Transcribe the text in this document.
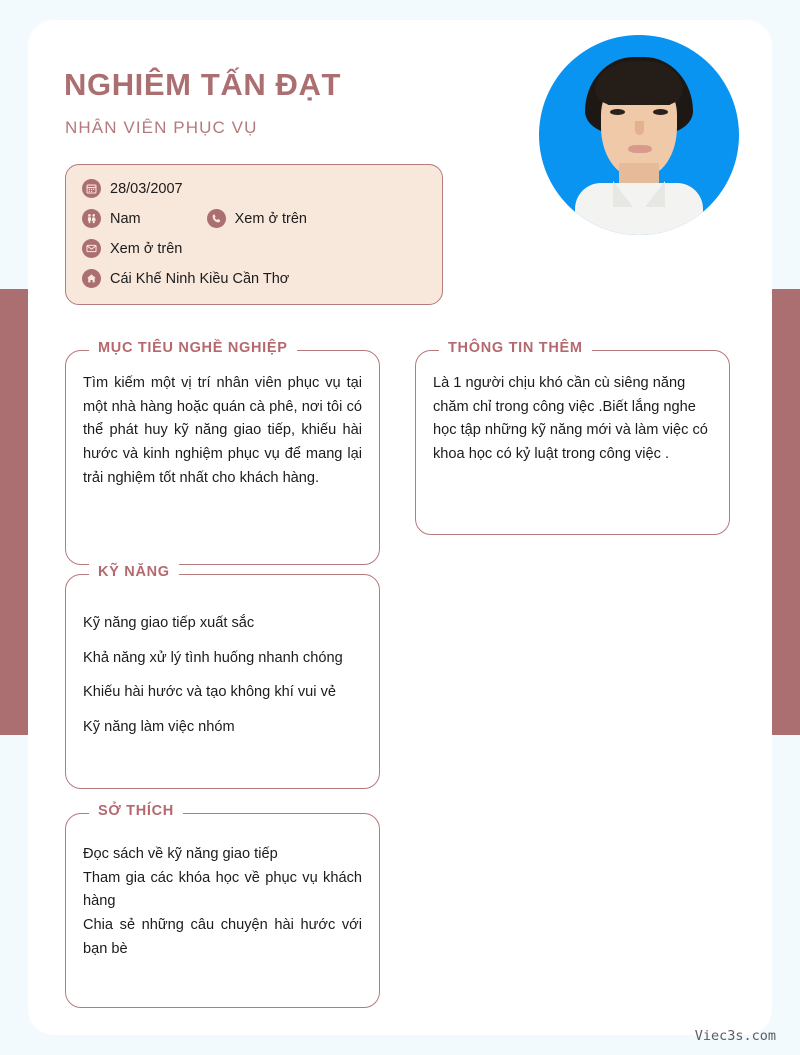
NGHIÊM TẤN ĐẠT
NHÂN VIÊN PHỤC VỤ
28/03/2007
Nam	Xem ở trên
Xem ở trên
Cái Khế Ninh Kiều Cần Thơ
MỤC TIÊU NGHỀ NGHIỆP

Tìm kiếm một vị trí nhân viên phục vụ tại một nhà hàng hoặc quán cà phê, nơi tôi có thể phát huy kỹ năng giao tiếp, khiếu hài hước và kinh nghiệm phục vụ để mang lại trải nghiệm tốt nhất cho khách hàng.

THÔNG TIN THÊM

Là 1 người chịu khó cần cù siêng năng chăm chỉ trong công việc .Biết lắng nghe học tập những kỹ năng mới và làm việc có khoa học có kỷ luật trong công việc .

KỸ NĂNG

Kỹ năng giao tiếp xuất sắc

Khả năng xử lý tình huống nhanh chóng

Khiếu hài hước và tạo không khí vui vẻ

Kỹ năng làm việc nhóm

SỞ THÍCH

Đọc sách về kỹ năng giao tiếp

Tham gia các khóa học về phục vụ khách hàng

Chia sẻ những câu chuyện hài hước với bạn bè

Viec3s.com
